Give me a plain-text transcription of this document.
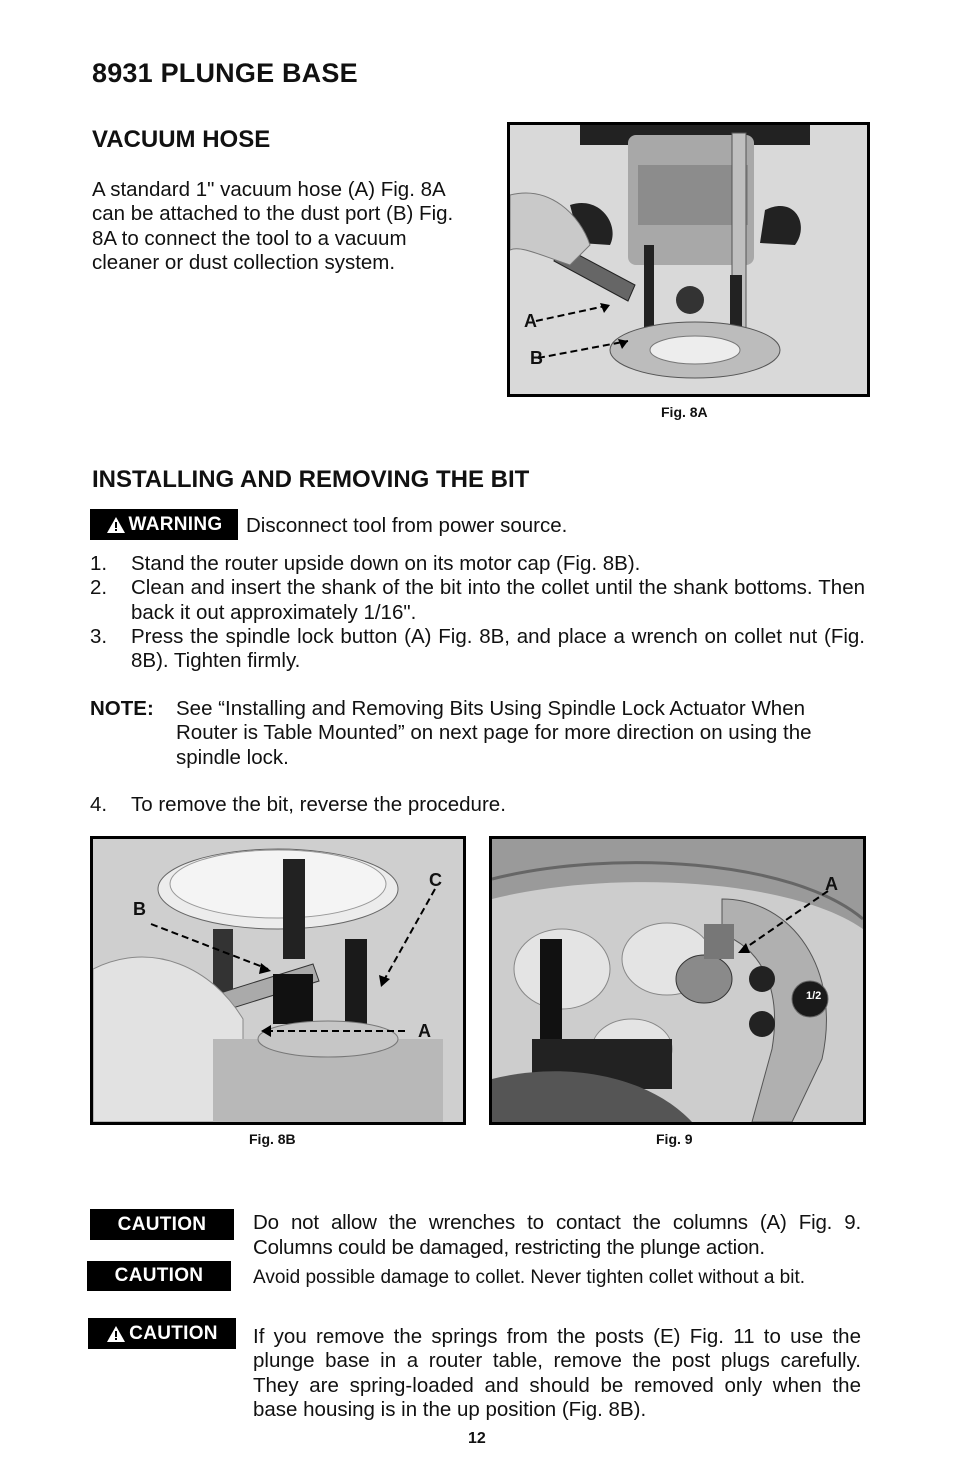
8931 PLUNGE BASE
VACUUM HOSE
A standard 1" vacuum hose (A) Fig. 8A can be attached to the dust port (B) Fig. 8A to connect the tool to a vacuum cleaner or dust collection system.
A
B
Fig. 8A
INSTALLING AND REMOVING THE BIT
WARNING Disconnect tool from power source.
1. Stand the router upside down on its motor cap (Fig. 8B).
2. Clean and insert the shank of the bit into the collet until the shank bottoms. Then back it out approximately 1/16".
3. Press the spindle lock button (A) Fig. 8B, and place a wrench on collet nut (Fig. 8B). Tighten firmly.
NOTE: See “Installing and Removing Bits Using Spindle Lock Actuator When Router is Table Mounted” on next page for more direction on using the spindle lock.
4. To remove the bit, reverse the procedure.
B
C
A
Fig. 8B
1/2
A
Fig. 9
CAUTION Do not allow the wrenches to contact the columns (A) Fig. 9. Columns could be damaged, restricting the plunge action.
CAUTION	Avoid possible damage to collet. Never tighten collet without a bit.
CAUTION If you remove the springs from the posts (E) Fig. 11 to use the plunge base in a router table, remove the post plugs carefully. They are spring-loaded and should be removed only when the base housing is in the up position (Fig. 8B).
12
